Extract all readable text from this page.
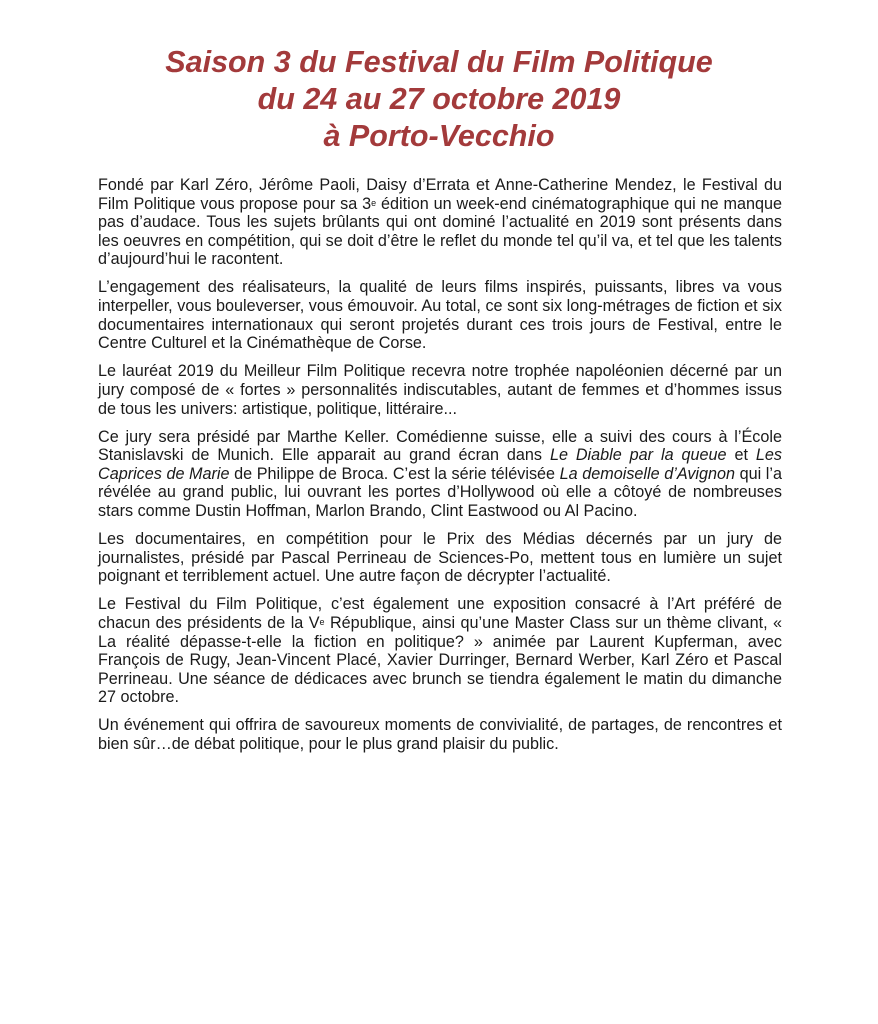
Saison 3 du Festival du Film Politique
du 24 au 27 octobre 2019
à Porto-Vecchio

Fondé par Karl Zéro, Jérôme Paoli, Daisy d’Errata et Anne-Catherine Mendez, le Festival du Film Politique vous propose pour sa 3e édition un week-end cinématographique qui ne manque pas d’audace. Tous les sujets brûlants qui ont dominé l’actualité en 2019 sont présents dans les oeuvres en compétition, qui se doit d’être le reflet du monde tel qu’il va, et tel que les talents d’aujourd’hui le racontent.

L’engagement des réalisateurs, la qualité de leurs films inspirés, puissants, libres va vous interpeller, vous bouleverser, vous émouvoir. Au total, ce sont six long-métrages de fiction et six documentaires internationaux qui seront projetés durant ces trois jours de Festival, entre le Centre Culturel et la Cinémathèque de Corse.

Le lauréat 2019 du Meilleur Film Politique recevra notre trophée napoléonien décerné par un jury composé de « fortes » personnalités indiscutables, autant de femmes et d’hommes issus de tous les univers: artistique, politique, littéraire...

Ce jury sera présidé par Marthe Keller. Comédienne suisse, elle a suivi des cours à l’École Stanislavski de Munich. Elle apparait au grand écran dans Le Diable par la queue et Les Caprices de Marie de Philippe de Broca. C’est la série télévisée La demoiselle d’Avignon qui l’a révélée au grand public, lui ouvrant les portes d’Hollywood où elle a côtoyé de nombreuses stars comme Dustin Hoffman, Marlon Brando, Clint Eastwood ou Al Pacino.

Les documentaires, en compétition pour le Prix des Médias décernés par un jury de journalistes, présidé par Pascal Perrineau de Sciences-Po, mettent tous en lumière un sujet poignant et terriblement actuel. Une autre façon de décrypter l’actualité.

Le Festival du Film Politique, c’est également une exposition consacré à l’Art préféré de chacun des présidents de la Ve République, ainsi qu’une Master Class sur un thème clivant, « La réalité dépasse-t-elle la fiction en politique? » animée par Laurent Kupferman, avec François de Rugy, Jean-Vincent Placé, Xavier Durringer, Bernard Werber, Karl Zéro et Pascal Perrineau. Une séance de dédicaces avec brunch se tiendra également le matin du dimanche 27 octobre.

Un événement qui offrira de savoureux moments de convivialité, de partages, de rencontres et bien sûr…de débat politique, pour le plus grand plaisir du public.
